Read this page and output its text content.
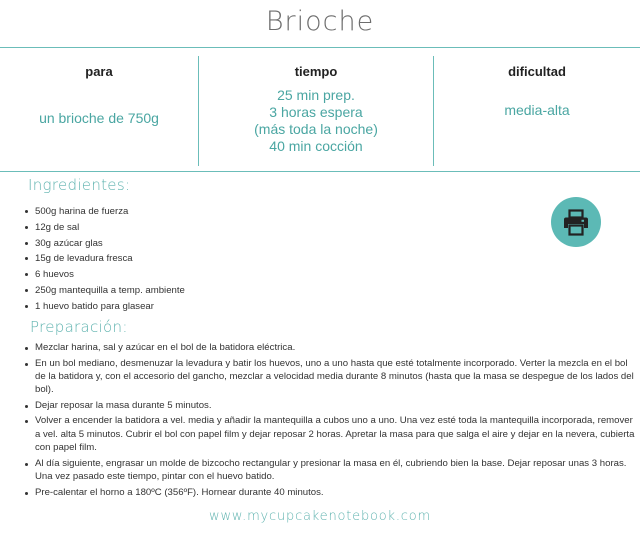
Brioche
para
un brioche de 750g
tiempo
25 min prep.
3 horas espera
(más toda la noche)
40 min cocción
dificultad
media-alta
Ingredientes:
500g harina de fuerza
12g de sal
30g azúcar glas
15g de levadura fresca
6 huevos
250g mantequilla a temp. ambiente
1 huevo batido para glasear
Preparación:
Mezclar harina, sal y azúcar en el bol de la batidora eléctrica.
En un bol mediano, desmenuzar la levadura y batir los huevos, uno a uno hasta que esté totalmente incorporado. Verter la mezcla en el bol de la batidora y, con el accesorio del gancho, mezclar a velocidad media durante 8 minutos (hasta que la masa se despegue de los lados del bol).
Dejar reposar la masa durante 5 minutos.
Volver a encender la batidora a vel. media y añadir la mantequilla a cubos uno a uno. Una vez esté toda la mantequilla incorporada, remover a vel. alta 5 minutos. Cubrir el bol con papel film y dejar reposar 2 horas. Apretar la masa para que salga el aire y dejar en la nevera, cubierta con papel film.
Al día siguiente, engrasar un molde de bizcocho rectangular y presionar la masa en él, cubriendo bien la base. Dejar reposar unas 3 horas. Una vez pasado este tiempo, pintar con el huevo batido.
Pre-calentar el horno a 180ºC (356ºF). Hornear durante 40 minutos.
www.mycupcakenotebook.com
